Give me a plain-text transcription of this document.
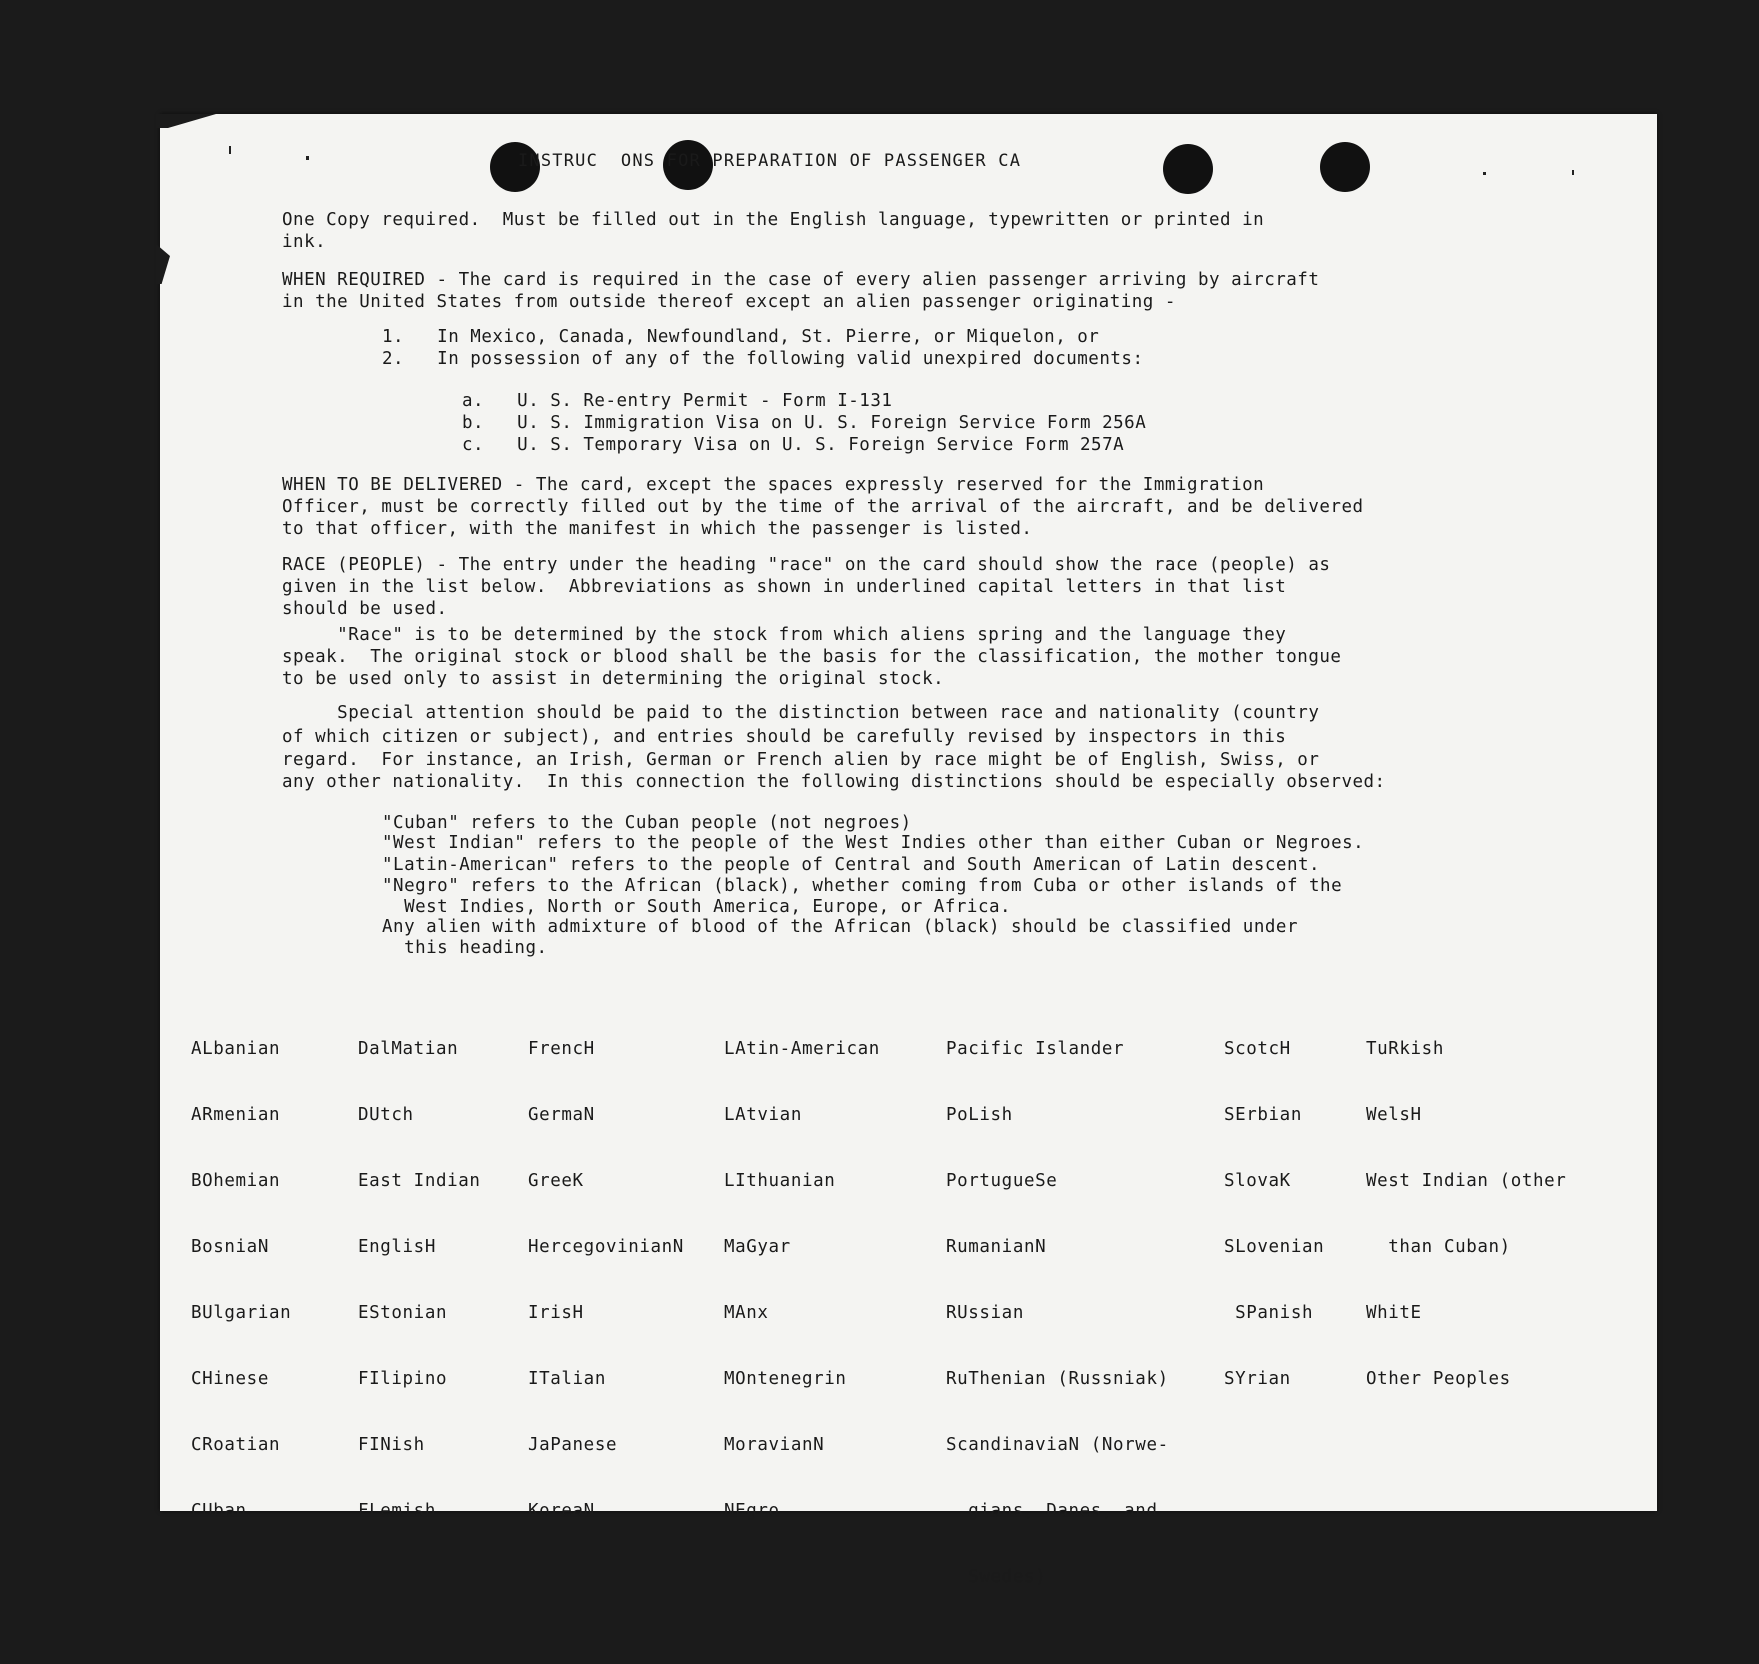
INSTRUC  ONS FOR PREPARATION OF PASSENGER CA
One Copy required.  Must be filled out in the English language, typewritten or printed in
ink.
WHEN REQUIRED - The card is required in the case of every alien passenger arriving by aircraft
in the United States from outside thereof except an alien passenger originating -
1.   In Mexico, Canada, Newfoundland, St. Pierre, or Miquelon, or
2.   In possession of any of the following valid unexpired documents:
a.   U. S. Re-entry Permit - Form I-131
b.   U. S. Immigration Visa on U. S. Foreign Service Form 256A
c.   U. S. Temporary Visa on U. S. Foreign Service Form 257A
WHEN TO BE DELIVERED - The card, except the spaces expressly reserved for the Immigration
Officer, must be correctly filled out by the time of the arrival of the aircraft, and be delivered
to that officer, with the manifest in which the passenger is listed.
RACE (PEOPLE) - The entry under the heading "race" on the card should show the race (people) as
given in the list below.  Abbreviations as shown in underlined capital letters in that list
should be used.
"Race" is to be determined by the stock from which aliens spring and the language they
speak.  The original stock or blood shall be the basis for the classification, the mother tongue
to be used only to assist in determining the original stock.
Special attention should be paid to the distinction between race and nationality (country
of which citizen or subject), and entries should be carefully revised by inspectors in this
regard.  For instance, an Irish, German or French alien by race might be of English, Swiss, or
any other nationality.  In this connection the following distinctions should be especially observed:
"Cuban" refers to the Cuban people (not negroes)
"West Indian" refers to the people of the West Indies other than either Cuban or Negroes.
"Latin-American" refers to the people of Central and South American of Latin descent.
"Negro" refers to the African (black), whether coming from Cuba or other islands of the
West Indies, North or South America, Europe, or Africa.
Any alien with admixture of blood of the African (black) should be classified under
this heading.

ALbanian

ARmenian

BOhemian

BosniaN

BUlgarian

CHinese

CRoatian

CUban

DalMatian

DUtch

East Indian

EnglisH

EStonian

FIlipino

FINish

FLemish

FrencH

GermaN

GreeK

HercegovinianN

IrisH

ITalian

JaPanese

KoreaN

LAtin-American

LAtvian

LIthuanian

MaGyar

MAnx

MOntenegrin

MoravianN

NEgro

Pacific Islander

PoLish

PortugueSe

RumanianN

RUssian

RuThenian (Russniak)

ScandinaviaN (Norwe-

gians, Danes, and

Swedes)

ScotcH

SErbian

SlovaK

SLovenian

SPanish

SYrian

TuRkish

WelsH

West Indian (other

than Cuban)

WhitE

Other Peoples
